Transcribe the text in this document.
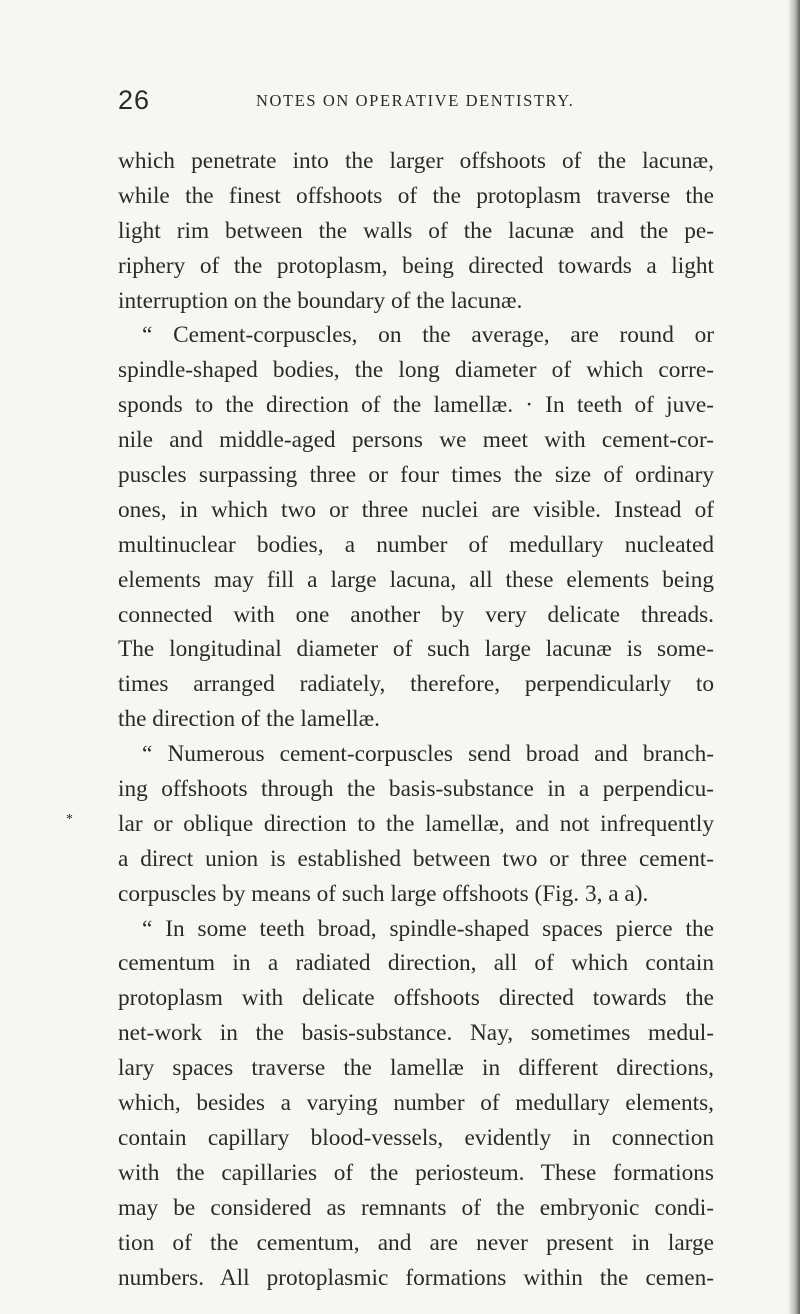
26	NOTES ON OPERATIVE DENTISTRY.
*
which penetrate into the larger offshoots of the lacunæ,
while the finest offshoots of the protoplasm traverse the
light rim between the walls of the lacunæ and the pe-
riphery of the protoplasm, being directed towards a light
interruption on the boundary of the lacunæ.
“ Cement-corpuscles, on the average, are round or
spindle-shaped bodies, the long diameter of which corre-
sponds to the direction of the lamellæ. · In teeth of juve-
nile and middle-aged persons we meet with cement-cor-
puscles surpassing three or four times the size of ordinary
ones, in which two or three nuclei are visible. Instead of
multinuclear bodies, a number of medullary nucleated
elements may fill a large lacuna, all these elements being
connected with one another by very delicate threads.
The longitudinal diameter of such large lacunæ is some-
times arranged radiately, therefore, perpendicularly to
the direction of the lamellæ.
“ Numerous cement-corpuscles send broad and branch-
ing offshoots through the basis-substance in a perpendicu-
lar or oblique direction to the lamellæ, and not infrequently
a direct union is established between two or three cement-
corpuscles by means of such large offshoots (Fig. 3, a a).
“ In some teeth broad, spindle-shaped spaces pierce the
cementum in a radiated direction, all of which contain
protoplasm with delicate offshoots directed towards the
net-work in the basis-substance. Nay, sometimes medul-
lary spaces traverse the lamellæ in different directions,
which, besides a varying number of medullary elements,
contain capillary blood-vessels, evidently in connection
with the capillaries of the periosteum. These formations
may be considered as remnants of the embryonic condi-
tion of the cementum, and are never present in large
numbers. All protoplasmic formations within the cemen-
